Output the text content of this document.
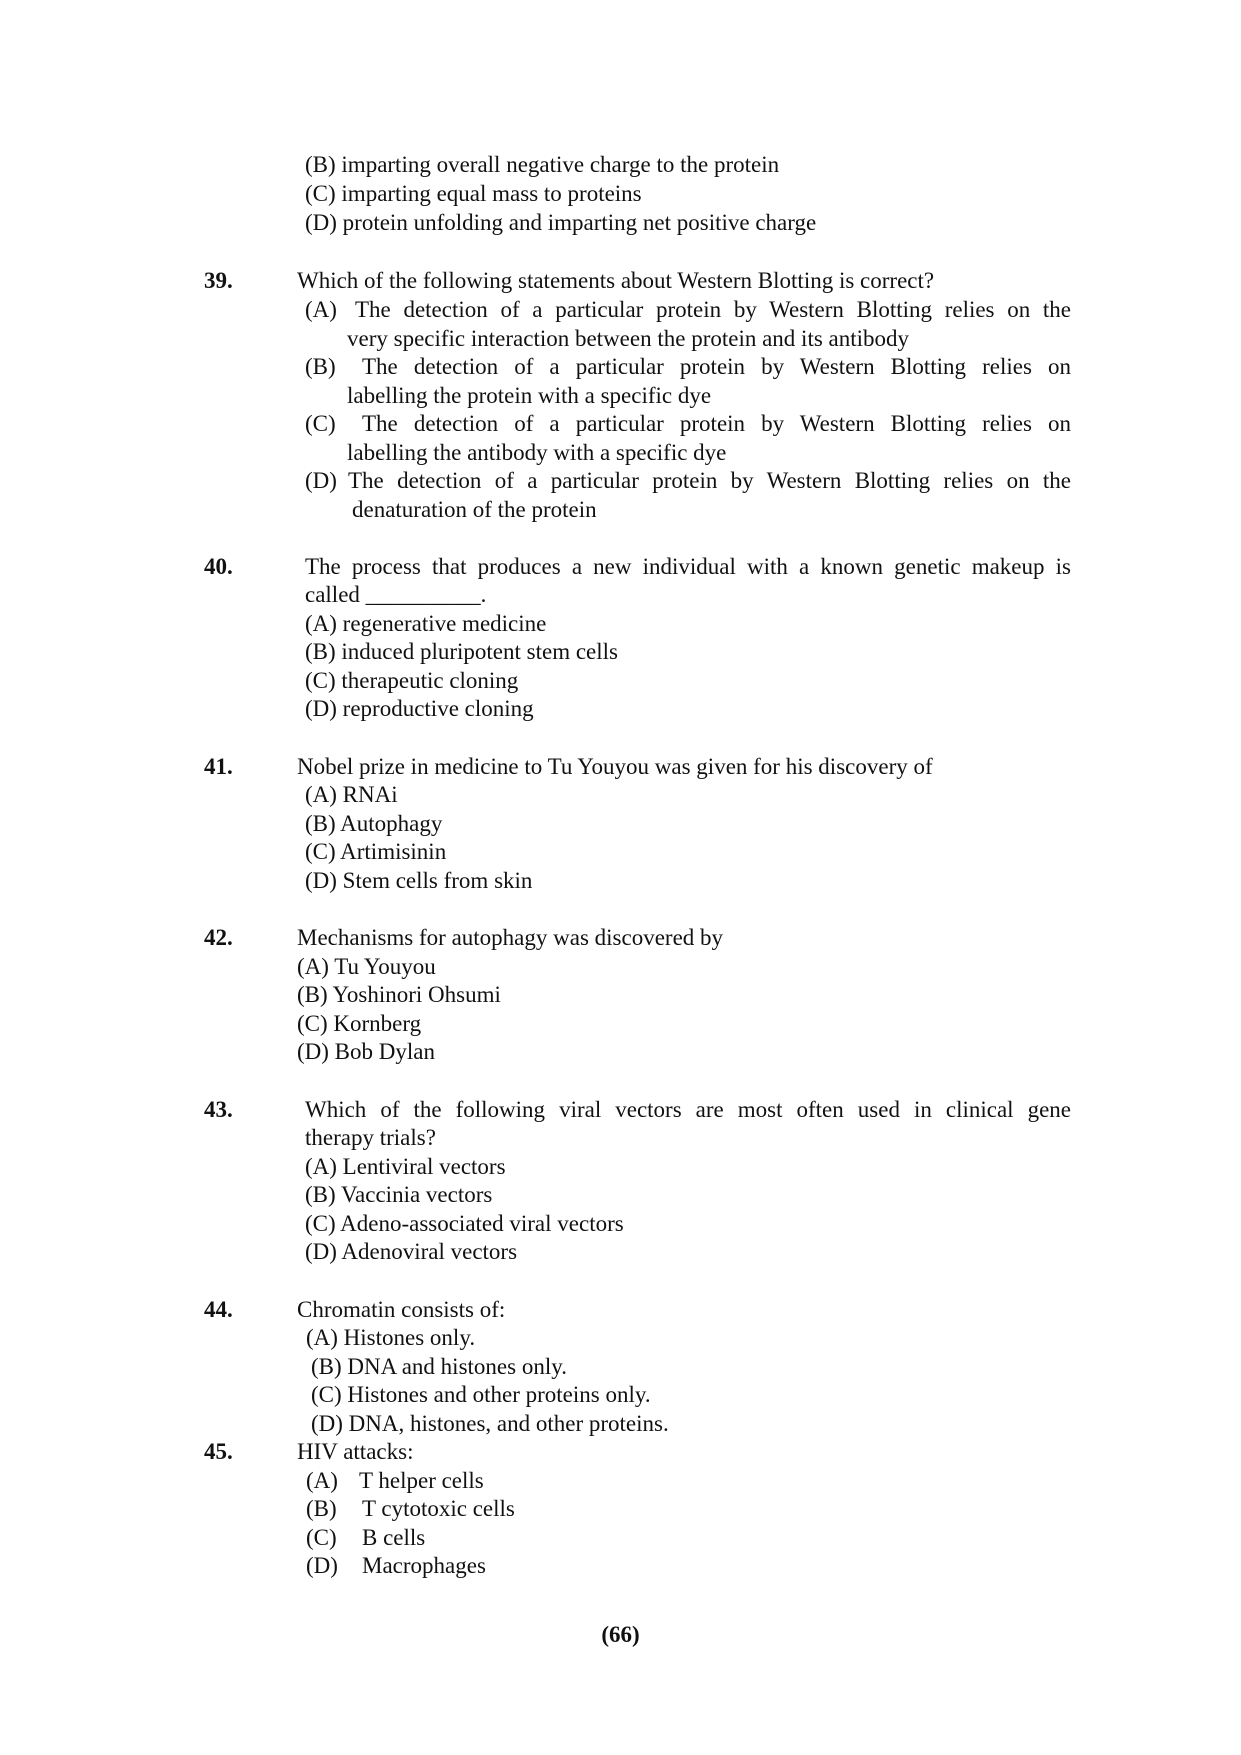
(B) imparting overall negative charge to the protein
(C) imparting equal mass to proteins
(D) protein unfolding and imparting net positive charge
39.	Which of the following statements about Western Blotting is correct?
(A) The detection of a particular protein by Western Blotting relies on the
very specific interaction between the protein and its antibody
(B) The detection of a particular protein by Western Blotting relies on
labelling the protein with a specific dye
(C) The detection of a particular protein by Western Blotting relies on
labelling the antibody with a specific dye
(D) The detection of a particular protein by Western Blotting relies on the
denaturation of the protein
40.	The process that produces a new individual with a known genetic makeup is
called __________.
(A) regenerative medicine
(B) induced pluripotent stem cells
(C) therapeutic cloning
(D) reproductive cloning
41.	Nobel prize in medicine to Tu Youyou was given for his discovery of
(A) RNAi
(B) Autophagy
(C) Artimisinin
(D) Stem cells from skin
42.	Mechanisms for autophagy was discovered by
(A) Tu Youyou
(B) Yoshinori Ohsumi
(C) Kornberg
(D) Bob Dylan
43.	Which of the following viral vectors are most often used in clinical gene
therapy trials?
(A) Lentiviral vectors
(B) Vaccinia vectors
(C) Adeno-associated viral vectors
(D) Adenoviral vectors
44.	Chromatin consists of:
(A) Histones only.
(B) DNA and histones only.
(C) Histones and other proteins only.
(D) DNA, histones, and other proteins.
45.	HIV attacks:
(A) T helper cells
(B) T cytotoxic cells
(C) B cells
(D) Macrophages
(66)
